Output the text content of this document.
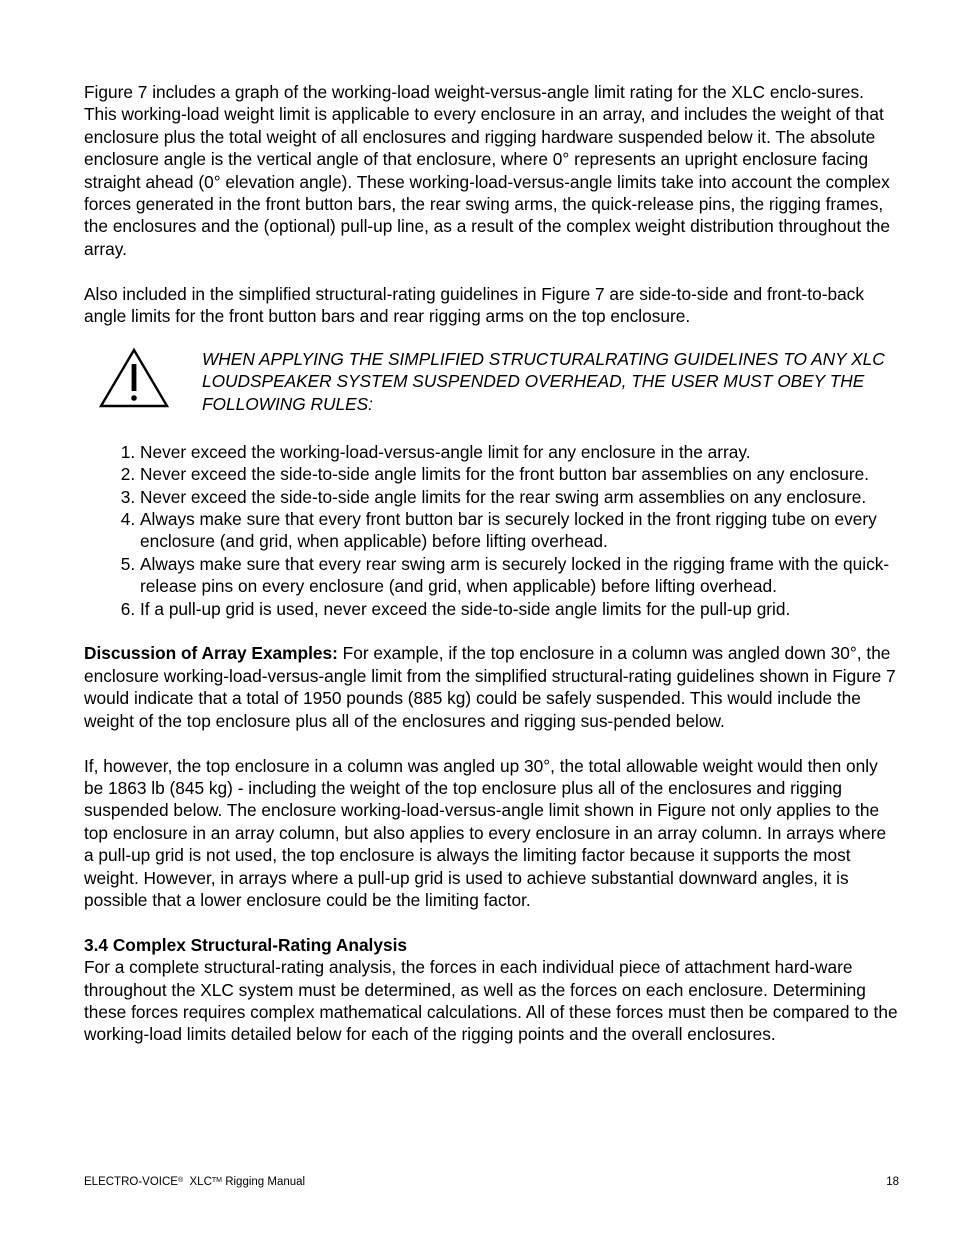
Figure 7 includes a graph of the working-load weight-versus-angle limit rating for the XLC enclo-sures. This working-load weight limit is applicable to every enclosure in an array, and includes the weight of that enclosure plus the total weight of all enclosures and rigging hardware suspended below it. The absolute enclosure angle is the vertical angle of that enclosure, where 0° represents an upright enclosure facing straight ahead (0° elevation angle). These working-load-versus-angle limits take into account the complex forces generated in the front button bars, the rear swing arms, the quick-release pins, the rigging frames, the enclosures and the (optional) pull-up line, as a result of the complex weight distribution throughout the array.

Also included in the simplified structural-rating guidelines in Figure 7 are side-to-side and front-to-back angle limits for the front button bars and rear rigging arms on the top enclosure.

WHEN APPLYING THE SIMPLIFIED STRUCTURALRATING GUIDELINES TO ANY XLC LOUDSPEAKER SYSTEM SUSPENDED OVERHEAD, THE USER MUST OBEY THE FOLLOWING RULES:

1. Never exceed the working-load-versus-angle limit for any enclosure in the array.
2. Never exceed the side-to-side angle limits for the front button bar assemblies on any enclosure.
3. Never exceed the side-to-side angle limits for the rear swing arm assemblies on any enclosure.
4. Always make sure that every front button bar is securely locked in the front rigging tube on every enclosure (and grid, when applicable) before lifting overhead.
5. Always make sure that every rear swing arm is securely locked in the rigging frame with the quick-release pins on every enclosure (and grid, when applicable) before lifting overhead.
6. If a pull-up grid is used, never exceed the side-to-side angle limits for the pull-up grid.

Discussion of Array Examples: For example, if the top enclosure in a column was angled down 30°, the enclosure working-load-versus-angle limit from the simplified structural-rating guidelines shown in Figure 7 would indicate that a total of 1950 pounds (885 kg) could be safely suspended. This would include the weight of the top enclosure plus all of the enclosures and rigging sus-pended below.

If, however, the top enclosure in a column was angled up 30°, the total allowable weight would then only be 1863 lb (845 kg) - including the weight of the top enclosure plus all of the enclosures and rigging suspended below. The enclosure working-load-versus-angle limit shown in Figure not only applies to the top enclosure in an array column, but also applies to every enclosure in an array column. In arrays where a pull-up grid is not used, the top enclosure is always the limiting factor because it supports the most weight. However, in arrays where a pull-up grid is used to achieve substantial downward angles, it is possible that a lower enclosure could be the limiting factor.

3.4 Complex Structural-Rating Analysis

For a complete structural-rating analysis, the forces in each individual piece of attachment hard-ware throughout the XLC system must be determined, as well as the forces on each enclosure. Determining these forces requires complex mathematical calculations. All of these forces must then be compared to the working-load limits detailed below for each of the rigging points and the overall enclosures.

ELECTRO-VOICE® XLC™ Rigging Manual	18
